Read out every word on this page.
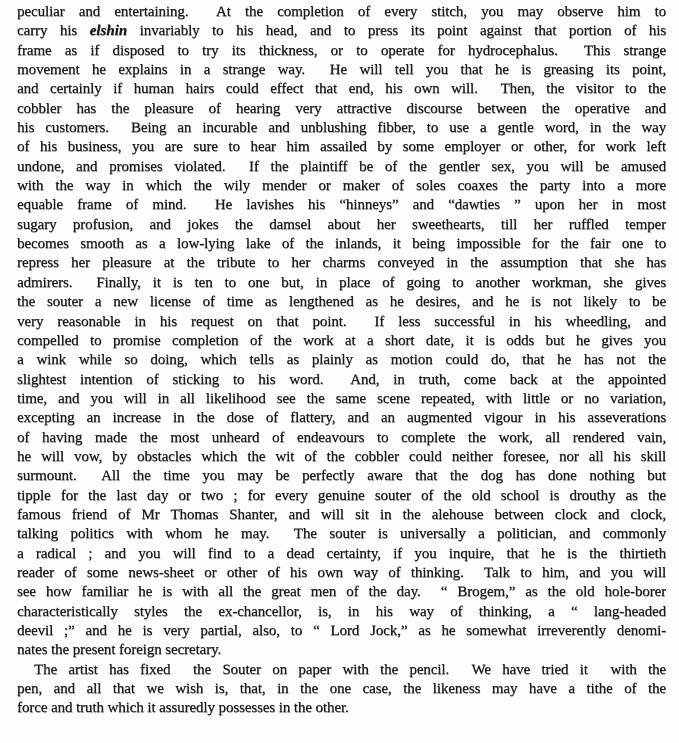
peculiar and entertaining.  At the completion of every stitch, you may observe him to
carry his elshin invariably to his head, and to press its point against that portion of his
frame as if disposed to try its thickness, or to operate for hydrocephalus.  This strange
movement he explains in a strange way.  He will tell you that he is greasing its point,
and certainly if human hairs could effect that end, his own will.  Then, the visitor to the
cobbler has the pleasure of hearing very attractive discourse between the operative and
his customers.  Being an incurable and unblushing fibber, to use a gentle word, in the way
of his business, you are sure to hear him assailed by some employer or other, for work left
undone, and promises violated.  If the plaintiff be of the gentler sex, you will be amused
with the way in which the wily mender or maker of soles coaxes the party into a more
equable frame of mind.  He lavishes his “hinneys” and “dawties ” upon her in most
sugary profusion, and jokes the damsel about her sweethearts, till her ruffled temper
becomes smooth as a low-lying lake of the inlands, it being impossible for the fair one to
repress her pleasure at the tribute to her charms conveyed in the assumption that she has
admirers.  Finally, it is ten to one but, in place of going to another workman, she gives
the souter a new license of time as lengthened as he desires, and he is not likely to be
very reasonable in his request on that point.  If less successful in his wheedling, and
compelled to promise completion of the work at a short date, it is odds but he gives you
a wink while so doing, which tells as plainly as motion could do, that he has not the
slightest intention of sticking to his word.  And, in truth, come back at the appointed
time, and you will in all likelihood see the same scene repeated, with little or no variation,
excepting an increase in the dose of flattery, and an augmented vigour in his asseverations
of having made the most unheard of endeavours to complete the work, all rendered vain,
he will vow, by obstacles which the wit of the cobbler could neither foresee, nor all his skill
surmount.  All the time you may be perfectly aware that the dog has done nothing but
tipple for the last day or two ; for every genuine souter of the old school is drouthy as the
famous friend of Mr Thomas Shanter, and will sit in the alehouse between clock and clock,
talking politics with whom he may.  The souter is universally a politician, and commonly
a radical ; and you will find to a dead certainty, if you inquire, that he is the thirtieth
reader of some news-sheet or other of his own way of thinking.  Talk to him, and you will
see how familiar he is with all the great men of the day.  “ Brogem,” as the old hole-borer
characteristically styles the ex-chancellor, is, in his way of thinking, a “ lang-headed
deevil ;” and he is very partial, also, to “ Lord Jock,” as he somewhat irreverently denomi-
nates the present foreign secretary.
The artist has fixed  the Souter on paper with the pencil.  We have tried it  with the
pen, and all that we wish is, that, in the one case, the likeness may have a tithe of the
force and truth which it assuredly possesses in the other.
